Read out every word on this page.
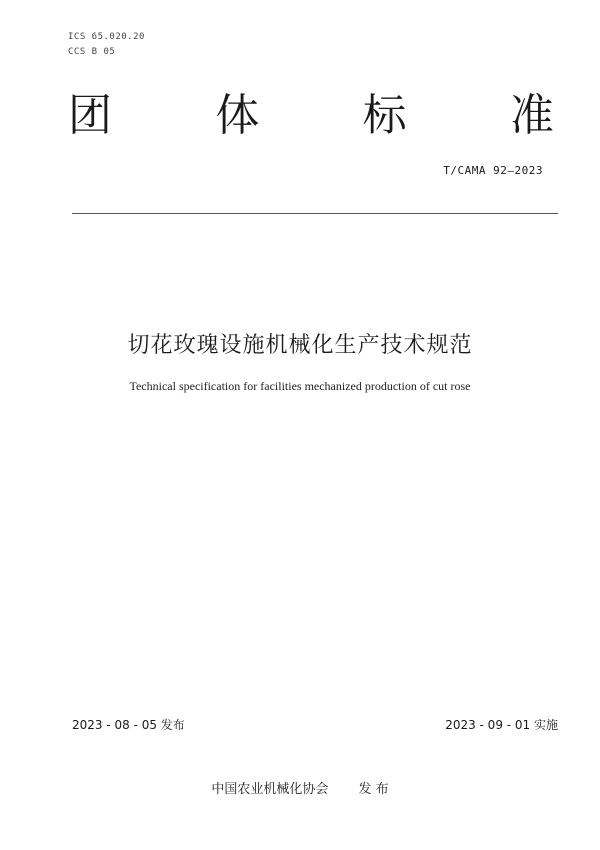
ICS 65.020.20
CCS B 05
团 体 标 准
T/CAMA 92—2023
切花玫瑰设施机械化生产技术规范
Technical specification for facilities mechanized production of cut rose
2023 - 08 - 05 发布	2023 - 09 - 01 实施
中国农业机械化协会 发 布
